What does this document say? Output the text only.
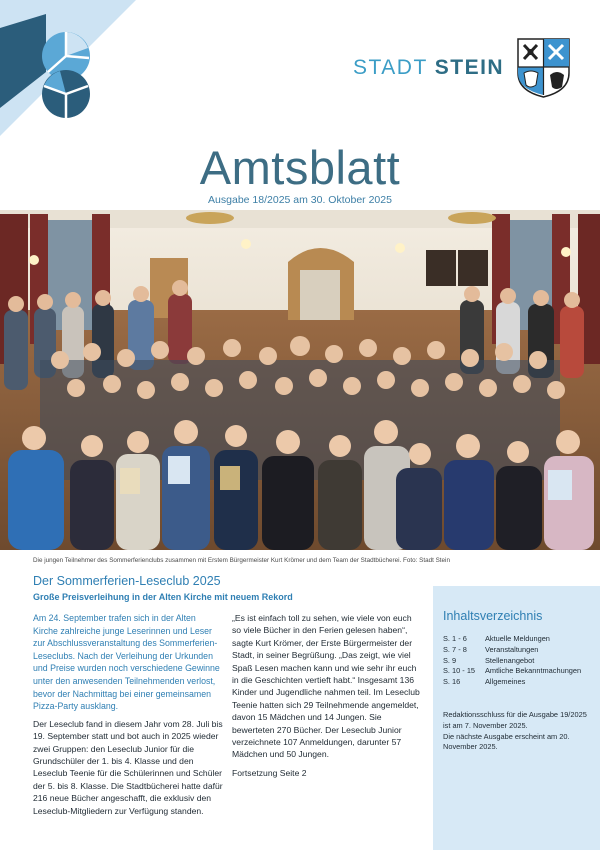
STADT STEIN
Amtsblatt
Ausgabe 18/2025 am 30. Oktober 2025
Die jungen Teilnehmer des Sommerferienclubs zusammen mit Erstem Bürgermeister Kurt Krömer und dem Team der Stadtbücherei. Foto: Stadt Stein
Der Sommerferien-Leseclub 2025
Große Preisverleihung in der Alten Kirche mit neuem Rekord

Am 24. September trafen sich in der Alten Kirche zahlreiche junge Leserinnen und Leser zur Abschlussveranstaltung des Sommerferien-Leseclubs. Nach der Verleihung der Urkunden und Preise wurden noch verschiedene Gewinne unter den anwesenden Teilnehmenden verlost, bevor der Nachmittag bei einer gemeinsamen Pizza-Party ausklang.

Der Leseclub fand in diesem Jahr vom 28. Juli bis 19. September statt und bot auch in 2025 wieder zwei Gruppen: den Leseclub Junior für die Grundschüler der 1. bis 4. Klasse und den Leseclub Teenie für die Schülerinnen und Schüler der 5. bis 8. Klasse. Die Stadtbücherei hatte dafür 216 neue Bücher angeschafft, die exklusiv den Leseclub-Mitgliedern zur Verfügung standen.

„Es ist einfach toll zu sehen, wie viele von euch so viele Bücher in den Ferien gelesen haben“, sagte Kurt Krömer, der Erste Bürgermeister der Stadt, in seiner Begrüßung. „Das zeigt, wie viel Spaß Lesen machen kann und wie sehr ihr euch in die Geschichten vertieft habt.“ Insgesamt 136 Kinder und Jugendliche nahmen teil. Im Leseclub Teenie hatten sich 29 Teilnehmende angemeldet, davon 15 Mädchen und 14 Jungen. Sie bewerteten 270 Bücher. Der Leseclub Junior verzeichnete 107 Anmeldungen, darunter 57 Mädchen und 50 Jungen.

Fortsetzung Seite 2

Inhaltsverzeichnis
S. 1 - 6	Aktuelle Meldungen
S. 7 - 8	Veranstaltungen
S. 9	Stellenangebot
S. 10 - 15	Amtliche Bekanntmachungen
S. 16	Allgemeines
Redaktionsschluss für die Ausgabe 19/2025 ist am 7. November 2025.
Die nächste Ausgabe erscheint am 20. November 2025.
